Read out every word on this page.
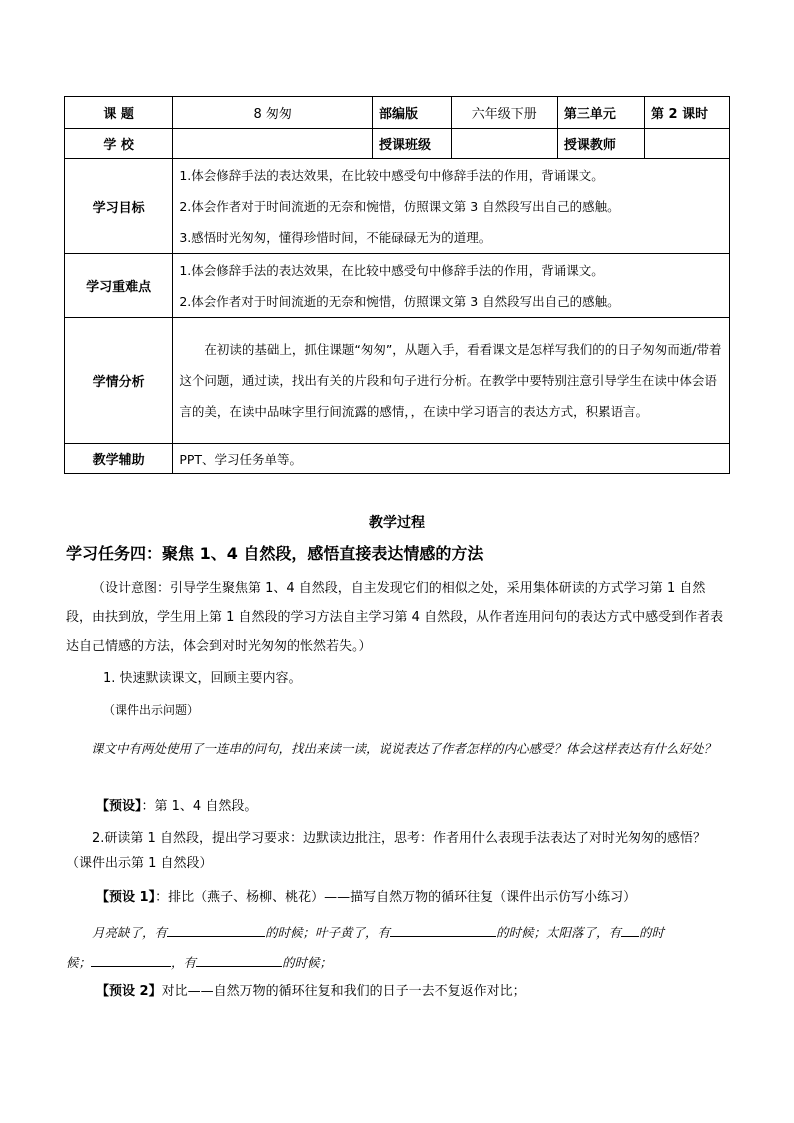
课 题	8 匆匆	部编版	六年级下册	第三单元	第 2 课时
学 校		授课班级		授课教师	
学习目标	1.体会修辞手法的表达效果，在比较中感受句中修辞手法的作用，背诵课文。
2.体会作者对于时间流逝的无奈和惋惜，仿照课文第 3 自然段写出自己的感触。
3.感悟时光匆匆，懂得珍惜时间，不能碌碌无为的道理。				

学习重难点	1.体会修辞手法的表达效果，在比较中感受句中修辞手法的作用，背诵课文。
2.体会作者对于时间流逝的无奈和惋惜，仿照课文第 3 自然段写出自己的感触。				

学情分析	在初读的基础上，抓住课题“匆匆”，从题入手，看看课文是怎样写我们的的日子匆匆而逝/带着这个问题，通过读，找出有关的片段和句子进行分析。在教学中要特别注意引导学生在读中体会语言的美，在读中品味字里行间流露的感情，，在读中学习语言的表达方式，积累语言。				

教学辅助	PPT、学习任务单等。				
教学过程
学习任务四：聚焦 1、4 自然段，感悟直接表达情感的方法
（设计意图：引导学生聚焦第 1、4 自然段，自主发现它们的相似之处，采用集体研读的方式学习第 1 自然段，由扶到放，学生用上第 1 自然段的学习方法自主学习第 4 自然段，从作者连用问句的表达方式中感受到作者表达自己情感的方法，体会到对时光匆匆的怅然若失。）
1. 快速默读课文，回顾主要内容。
（课件出示问题）
课文中有两处使用了一连串的问句，找出来读一读，说说表达了作者怎样的内心感受？体会这样表达有什么好处？
【预设】：第 1、4 自然段。
2.研读第 1 自然段，提出学习要求：边默读边批注，思考：作者用什么表现手法表达了对时光匆匆的感悟？（课件出示第 1 自然段）
【预设 1】：排比（燕子、杨柳、桃花）——描写自然万物的循环往复（课件出示仿写小练习）
月亮缺了，有	的时候；叶子黄了，有	的时候；太阳落了，有 的时
候；	，有	的时候；
【预设 2】对比——自然万物的循环往复和我们的日子一去不复返作对比；
